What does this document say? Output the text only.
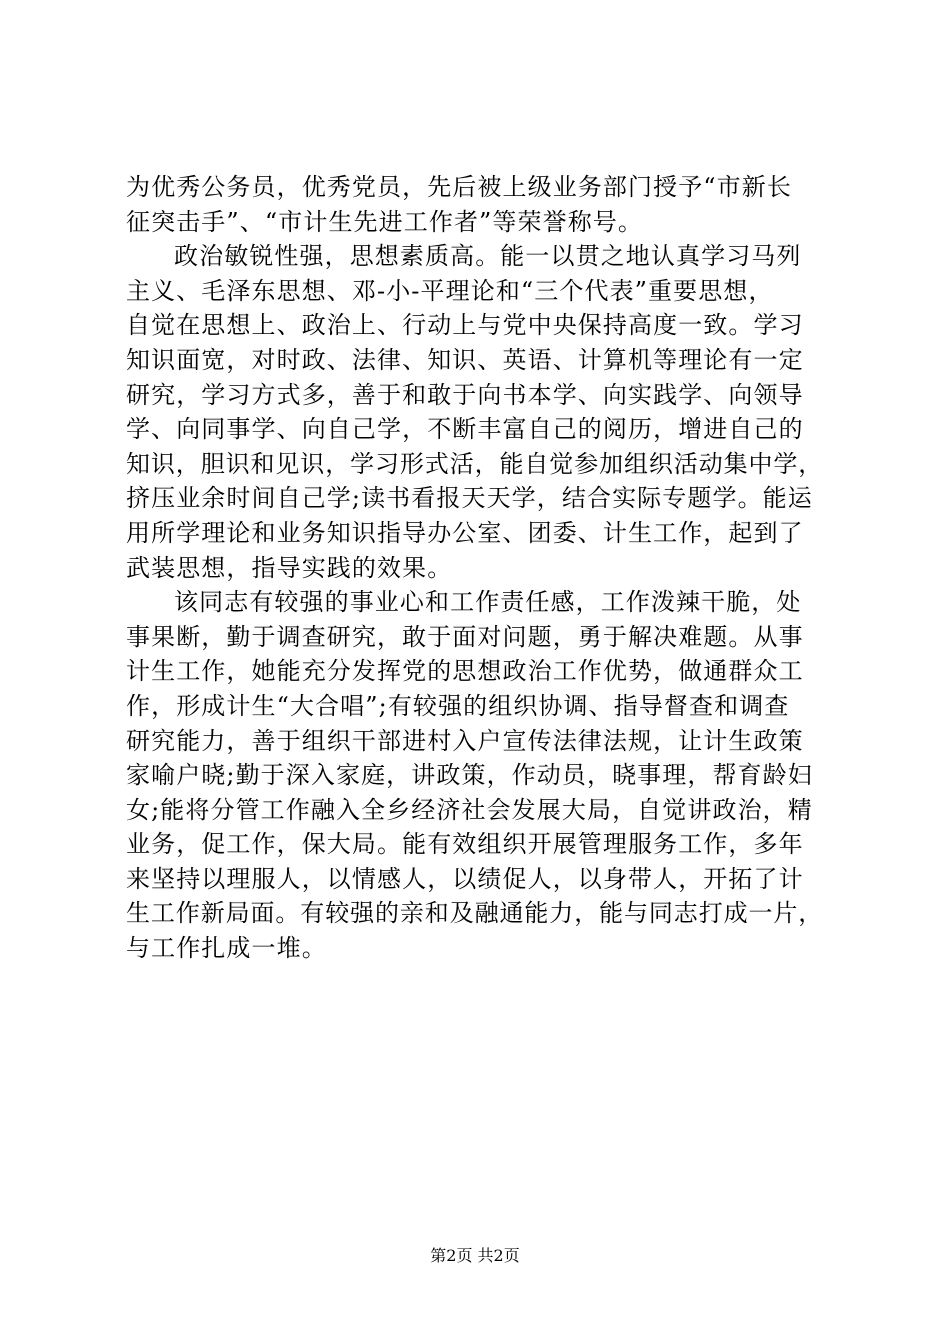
为优秀公务员，优秀党员，先后被上级业务部门授予“市新长
征突击手”、“市计生先进工作者”等荣誉称号。
政治敏锐性强，思想素质高。能一以贯之地认真学习马列
主义、毛泽东思想、邓-小-平理论和“三个代表”重要思想，
自觉在思想上、政治上、行动上与党中央保持高度一致。学习
知识面宽，对时政、法律、知识、英语、计算机等理论有一定
研究，学习方式多，善于和敢于向书本学、向实践学、向领导
学、向同事学、向自己学，不断丰富自己的阅历，增进自己的
知识，胆识和见识，学习形式活，能自觉参加组织活动集中学，
挤压业余时间自己学;读书看报天天学，结合实际专题学。能运
用所学理论和业务知识指导办公室、团委、计生工作，起到了
武装思想，指导实践的效果。
该同志有较强的事业心和工作责任感，工作泼辣干脆，处
事果断，勤于调查研究，敢于面对问题，勇于解决难题。从事
计生工作，她能充分发挥党的思想政治工作优势，做通群众工
作，形成计生“大合唱”;有较强的组织协调、指导督查和调查
研究能力，善于组织干部进村入户宣传法律法规，让计生政策
家喻户晓;勤于深入家庭，讲政策，作动员，晓事理，帮育龄妇
女;能将分管工作融入全乡经济社会发展大局，自觉讲政治，精
业务，促工作，保大局。能有效组织开展管理服务工作，多年
来坚持以理服人，以情感人，以绩促人，以身带人，开拓了计
生工作新局面。有较强的亲和及融通能力，能与同志打成一片，
与工作扎成一堆。
第2页 共2页
